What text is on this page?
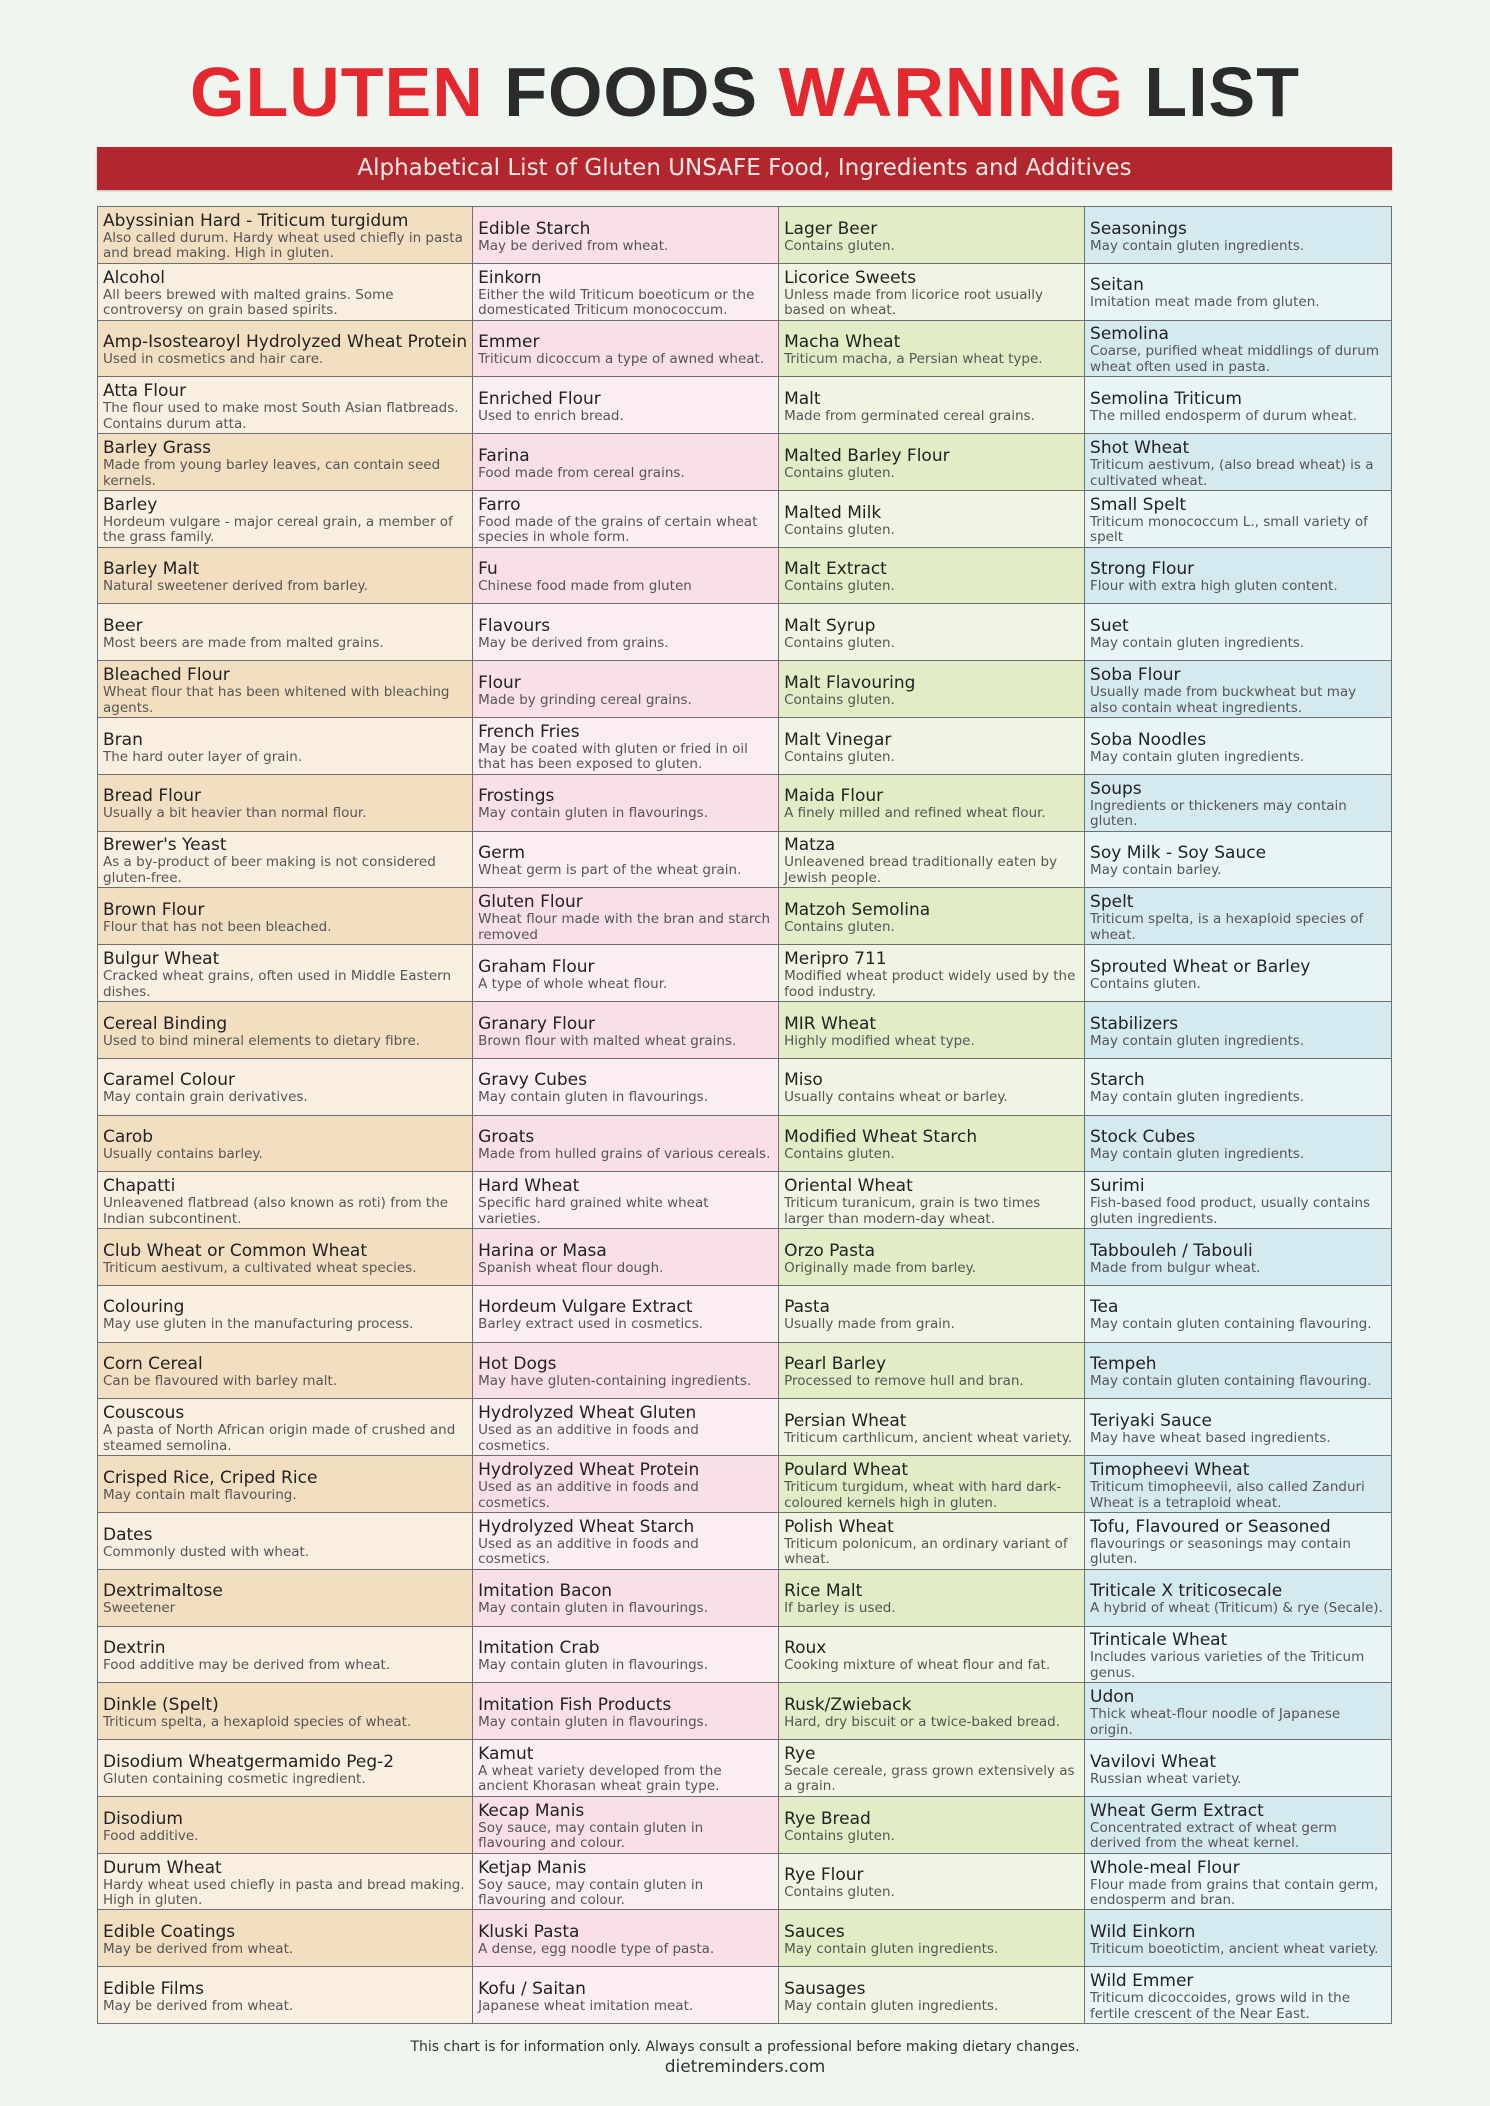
GLUTEN FOODS WARNING LIST
Alphabetical List of Gluten UNSAFE Food, Ingredients and Additives
Abyssinian Hard - Triticum turgidum
Also called durum. Hardy wheat used chiefly in pasta and bread making. High in gluten.
Alcohol
All beers brewed with malted grains. Some controversy on grain based spirits.
Amp-Isostearoyl Hydrolyzed Wheat Protein
Used in cosmetics and hair care.
Atta Flour
The flour used to make most South Asian flatbreads. Contains durum atta.
Barley Grass
Made from young barley leaves, can contain seed kernels.
Barley
Hordeum vulgare - major cereal grain, a member of the grass family.
Barley Malt
Natural sweetener derived from barley.
Beer
Most beers are made from malted grains.
Bleached Flour
Wheat flour that has been whitened with bleaching agents.
Bran
The hard outer layer of grain.
Bread Flour
Usually a bit heavier than normal flour.
Brewer's Yeast
As a by-product of beer making is not considered gluten-free.
Brown Flour
Flour that has not been bleached.
Bulgur Wheat
Cracked wheat grains, often used in Middle Eastern dishes.
Cereal Binding
Used to bind mineral elements to dietary fibre.
Caramel Colour
May contain grain derivatives.
Carob
Usually contains barley.
Chapatti
Unleavened flatbread (also known as roti) from the Indian subcontinent.
Club Wheat or Common Wheat
Triticum aestivum, a cultivated wheat species.
Colouring
May use gluten in the manufacturing process.
Corn Cereal
Can be flavoured with barley malt.
Couscous
A pasta of North African origin made of crushed and steamed semolina.
Crisped Rice, Criped Rice
May contain malt flavouring.
Dates
Commonly dusted with wheat.
Dextrimaltose
Sweetener
Dextrin
Food additive may be derived from wheat.
Dinkle (Spelt)
Triticum spelta, a hexaploid species of wheat.
Disodium Wheatgermamido Peg-2
Gluten containing cosmetic ingredient.
Disodium
Food additive.
Durum Wheat
Hardy wheat used chiefly in pasta and bread making. High in gluten.
Edible Coatings
May be derived from wheat.
Edible Films
May be derived from wheat.
Edible Starch
May be derived from wheat.
Einkorn
Either the wild Triticum boeoticum or the domesticated Triticum monococcum.
Emmer
Triticum dicoccum a type of awned wheat.
Enriched Flour
Used to enrich bread.
Farina
Food made from cereal grains.
Farro
Food made of the grains of certain wheat species in whole form.
Fu
Chinese food made from gluten
Flavours
May be derived from grains.
Flour
Made by grinding cereal grains.
French Fries
May be coated with gluten or fried in oil that has been exposed to gluten.
Frostings
May contain gluten in flavourings.
Germ
Wheat germ is part of the wheat grain.
Gluten Flour
Wheat flour made with the bran and starch removed
Graham Flour
A type of whole wheat flour.
Granary Flour
Brown flour with malted wheat grains.
Gravy Cubes
May contain gluten in flavourings.
Groats
Made from hulled grains of various cereals.
Hard Wheat
Specific hard grained white wheat varieties.
Harina or Masa
Spanish wheat flour dough.
Hordeum Vulgare Extract
Barley extract used in cosmetics.
Hot Dogs
May have gluten-containing ingredients.
Hydrolyzed Wheat Gluten
Used as an additive in foods and cosmetics.
Hydrolyzed Wheat Protein
Used as an additive in foods and cosmetics.
Hydrolyzed Wheat Starch
Used as an additive in foods and cosmetics.
Imitation Bacon
May contain gluten in flavourings.
Imitation Crab
May contain gluten in flavourings.
Imitation Fish Products
May contain gluten in flavourings.
Kamut
A wheat variety developed from the ancient Khorasan wheat grain type.
Kecap Manis
Soy sauce, may contain gluten in flavouring and colour.
Ketjap Manis
Soy sauce, may contain gluten in flavouring and colour.
Kluski Pasta
A dense, egg noodle type of pasta.
Kofu / Saitan
Japanese wheat imitation meat.
Lager Beer
Contains gluten.
Licorice Sweets
Unless made from licorice root usually based on wheat.
Macha Wheat
Triticum macha, a Persian wheat type.
Malt
Made from germinated cereal grains.
Malted Barley Flour
Contains gluten.
Malted Milk
Contains gluten.
Malt Extract
Contains gluten.
Malt Syrup
Contains gluten.
Malt Flavouring
Contains gluten.
Malt Vinegar
Contains gluten.
Maida Flour
A finely milled and refined wheat flour.
Matza
Unleavened bread traditionally eaten by Jewish people.
Matzoh Semolina
Contains gluten.
Meripro 711
Modified wheat product widely used by the food industry.
MIR Wheat
Highly modified wheat type.
Miso
Usually contains wheat or barley.
Modified Wheat Starch
Contains gluten.
Oriental Wheat
Triticum turanicum, grain is two times larger than modern-day wheat.
Orzo Pasta
Originally made from barley.
Pasta
Usually made from grain.
Pearl Barley
Processed to remove hull and bran.
Persian Wheat
Triticum carthlicum, ancient wheat variety.
Poulard Wheat
Triticum turgidum, wheat with hard dark-coloured kernels high in gluten.
Polish Wheat
Triticum polonicum, an ordinary variant of wheat.
Rice Malt
If barley is used.
Roux
Cooking mixture of wheat flour and fat.
Rusk/Zwieback
Hard, dry biscuit or a twice-baked bread.
Rye
Secale cereale, grass grown extensively as a grain.
Rye Bread
Contains gluten.
Rye Flour
Contains gluten.
Sauces
May contain gluten ingredients.
Sausages
May contain gluten ingredients.
Seasonings
May contain gluten ingredients.
Seitan
Imitation meat made from gluten.
Semolina
Coarse, purified wheat middlings of durum wheat often used in pasta.
Semolina Triticum
The milled endosperm of durum wheat.
Shot Wheat
Triticum aestivum, (also bread wheat) is a cultivated wheat.
Small Spelt
Triticum monococcum L., small variety of spelt
Strong Flour
Flour with extra high gluten content.
Suet
May contain gluten ingredients.
Soba Flour
Usually made from buckwheat but may also contain wheat ingredients.
Soba Noodles
May contain gluten ingredients.
Soups
Ingredients or thickeners may contain gluten.
Soy Milk - Soy Sauce
May contain barley.
Spelt
Triticum spelta, is a hexaploid species of wheat.
Sprouted Wheat or Barley
Contains gluten.
Stabilizers
May contain gluten ingredients.
Starch
May contain gluten ingredients.
Stock Cubes
May contain gluten ingredients.
Surimi
Fish-based food product, usually contains gluten ingredients.
Tabbouleh / Tabouli
Made from bulgur wheat.
Tea
May contain gluten containing flavouring.
Tempeh
May contain gluten containing flavouring.
Teriyaki Sauce
May have wheat based ingredients.
Timopheevi Wheat
Triticum timopheevii, also called Zanduri Wheat is a tetraploid wheat.
Tofu, Flavoured or Seasoned
flavourings or seasonings may contain gluten.
Triticale X triticosecale
A hybrid of wheat (Triticum) & rye (Secale).
Trinticale Wheat
Includes various varieties of the Triticum genus.
Udon
Thick wheat-flour noodle of Japanese origin.
Vavilovi Wheat
Russian wheat variety.
Wheat Germ Extract
Concentrated extract of wheat germ derived from the wheat kernel.
Whole-meal Flour
Flour made from grains that contain germ, endosperm and bran.
Wild Einkorn
Triticum boeotictim, ancient wheat variety.
Wild Emmer
Triticum dicoccoides, grows wild in the fertile crescent of the Near East.
This chart is for information only. Always consult a professional before making dietary changes.
dietreminders.com
